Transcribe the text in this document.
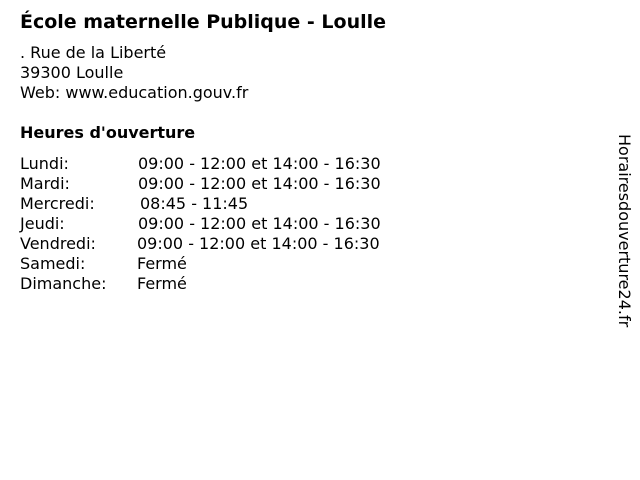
École maternelle Publique - Loulle
. Rue de la Liberté
39300 Loulle
Web: www.education.gouv.fr
Heures d'ouverture
Lundi:	09:00 - 12:00 et 14:00 - 16:30
Mardi:	09:00 - 12:00 et 14:00 - 16:30
Mercredi:	08:45 - 11:45
Jeudi:	09:00 - 12:00 et 14:00 - 16:30
Vendredi:	09:00 - 12:00 et 14:00 - 16:30
Samedi:	Fermé
Dimanche: Fermé	Horairesdouverture24.fr
